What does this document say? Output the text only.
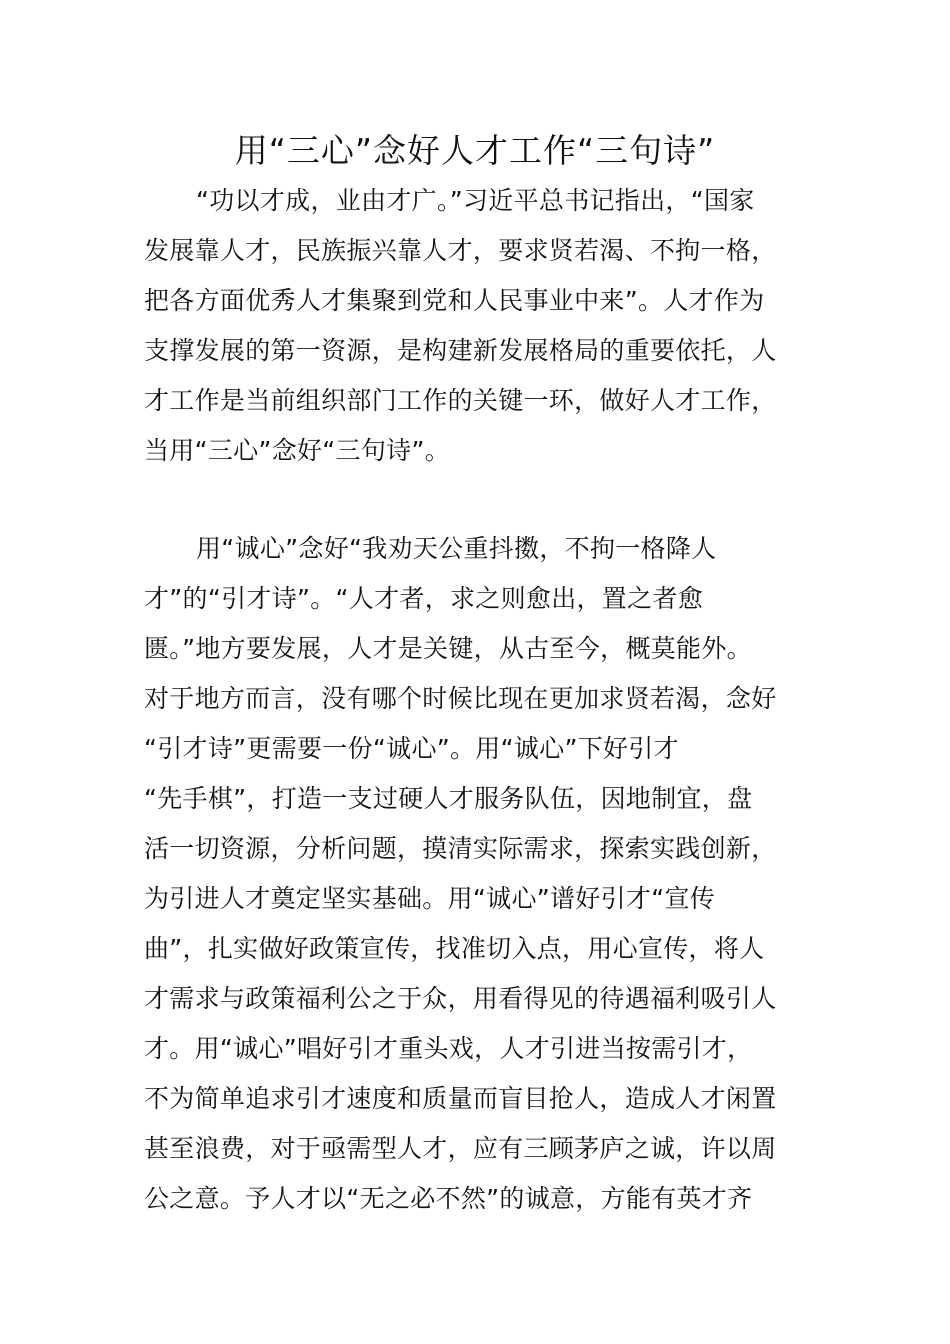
用“三心”念好人才工作“三句诗”
“功以才成，业由才广。”习近平总书记指出，“国家
发展靠人才，民族振兴靠人才，要求贤若渴、不拘一格，
把各方面优秀人才集聚到党和人民事业中来”。人才作为
支撑发展的第一资源，是构建新发展格局的重要依托，人
才工作是当前组织部门工作的关键一环，做好人才工作，
当用“三心”念好“三句诗”。
用“诚心”念好“我劝天公重抖擞，不拘一格降人
才”的“引才诗”。“人才者，求之则愈出，置之者愈
匮。”地方要发展，人才是关键，从古至今，概莫能外。
对于地方而言，没有哪个时候比现在更加求贤若渴，念好
“引才诗”更需要一份“诚心”。用“诚心”下好引才
“先手棋”，打造一支过硬人才服务队伍，因地制宜，盘
活一切资源，分析问题，摸清实际需求，探索实践创新，
为引进人才奠定坚实基础。用“诚心”谱好引才“宣传
曲”，扎实做好政策宣传，找准切入点，用心宣传，将人
才需求与政策福利公之于众，用看得见的待遇福利吸引人
才。用“诚心”唱好引才重头戏，人才引进当按需引才，
不为简单追求引才速度和质量而盲目抢人，造成人才闲置
甚至浪费，对于亟需型人才，应有三顾茅庐之诚，许以周
公之意。予人才以“无之必不然”的诚意，方能有英才齐
